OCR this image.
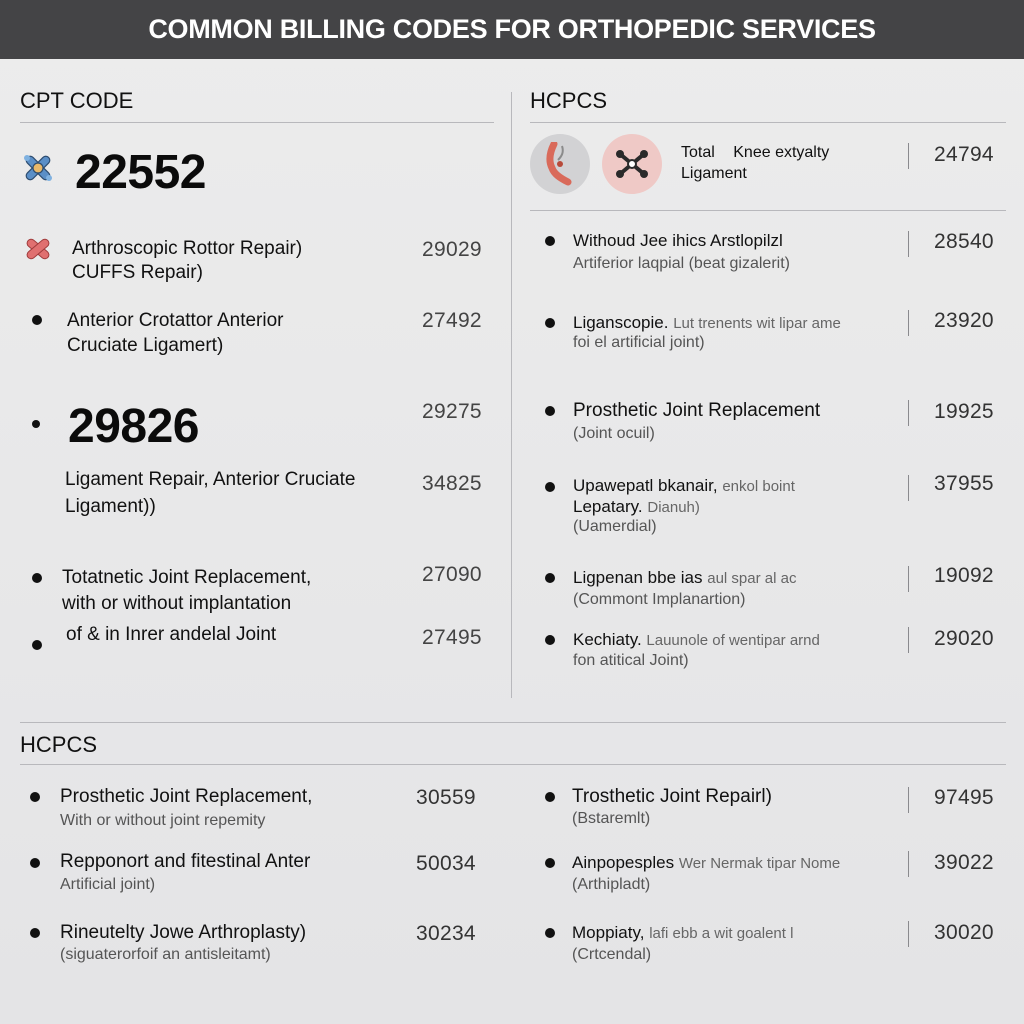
COMMON BILLING CODES FOR ORTHOPEDIC SERVICES
CPT CODE
22552
Arthroscopic Rottor Repair)
CUFFS Repair)
29029
Anterior Crotattor Anterior
Cruciate Ligamert)
27492
29826	29275
Ligament Repair, Anterior Cruciate
Ligament))
34825
Totatnetic Joint Replacement,
with or without implantation
27090
of & in Inrer andelal Joint	27495
HCPCS
Total Knee extyalty
Ligament
24794
Withoud Jee ihics Arstlopilzl
Artiferior laqpial (beat gizalerit)
28540
Liganscopie. Lut trenents wit lipar ame
foi el artificial joint)
23920
Prosthetic Joint Replacement
(Joint ocuil)
19925
Upawepatl bkanair, enkol boint
Lepatary. Dianuh)
(Uamerdial)
37955
Ligpenan bbe ias aul spar al ac
(Commont Implanartion)
19092
Kechiaty. Lauunole of wentipar arnd
fon atitical Joint)
29020
HCPCS
Prosthetic Joint Replacement,
With or without joint repemity
30559
Repponort and fitestinal Anter
Artificial joint)
50034
Rineutelty Jowe Arthroplasty)
(siguaterorfoif an antisleitamt)
30234
Trosthetic Joint Repairl)
(Bstaremlt)
97495
Ainpopesples Wer Nermak tipar Nome
(Arthipladt)
39022
Moppiaty, lafi ebb a wit goalent l
(Crtcendal)
30020
